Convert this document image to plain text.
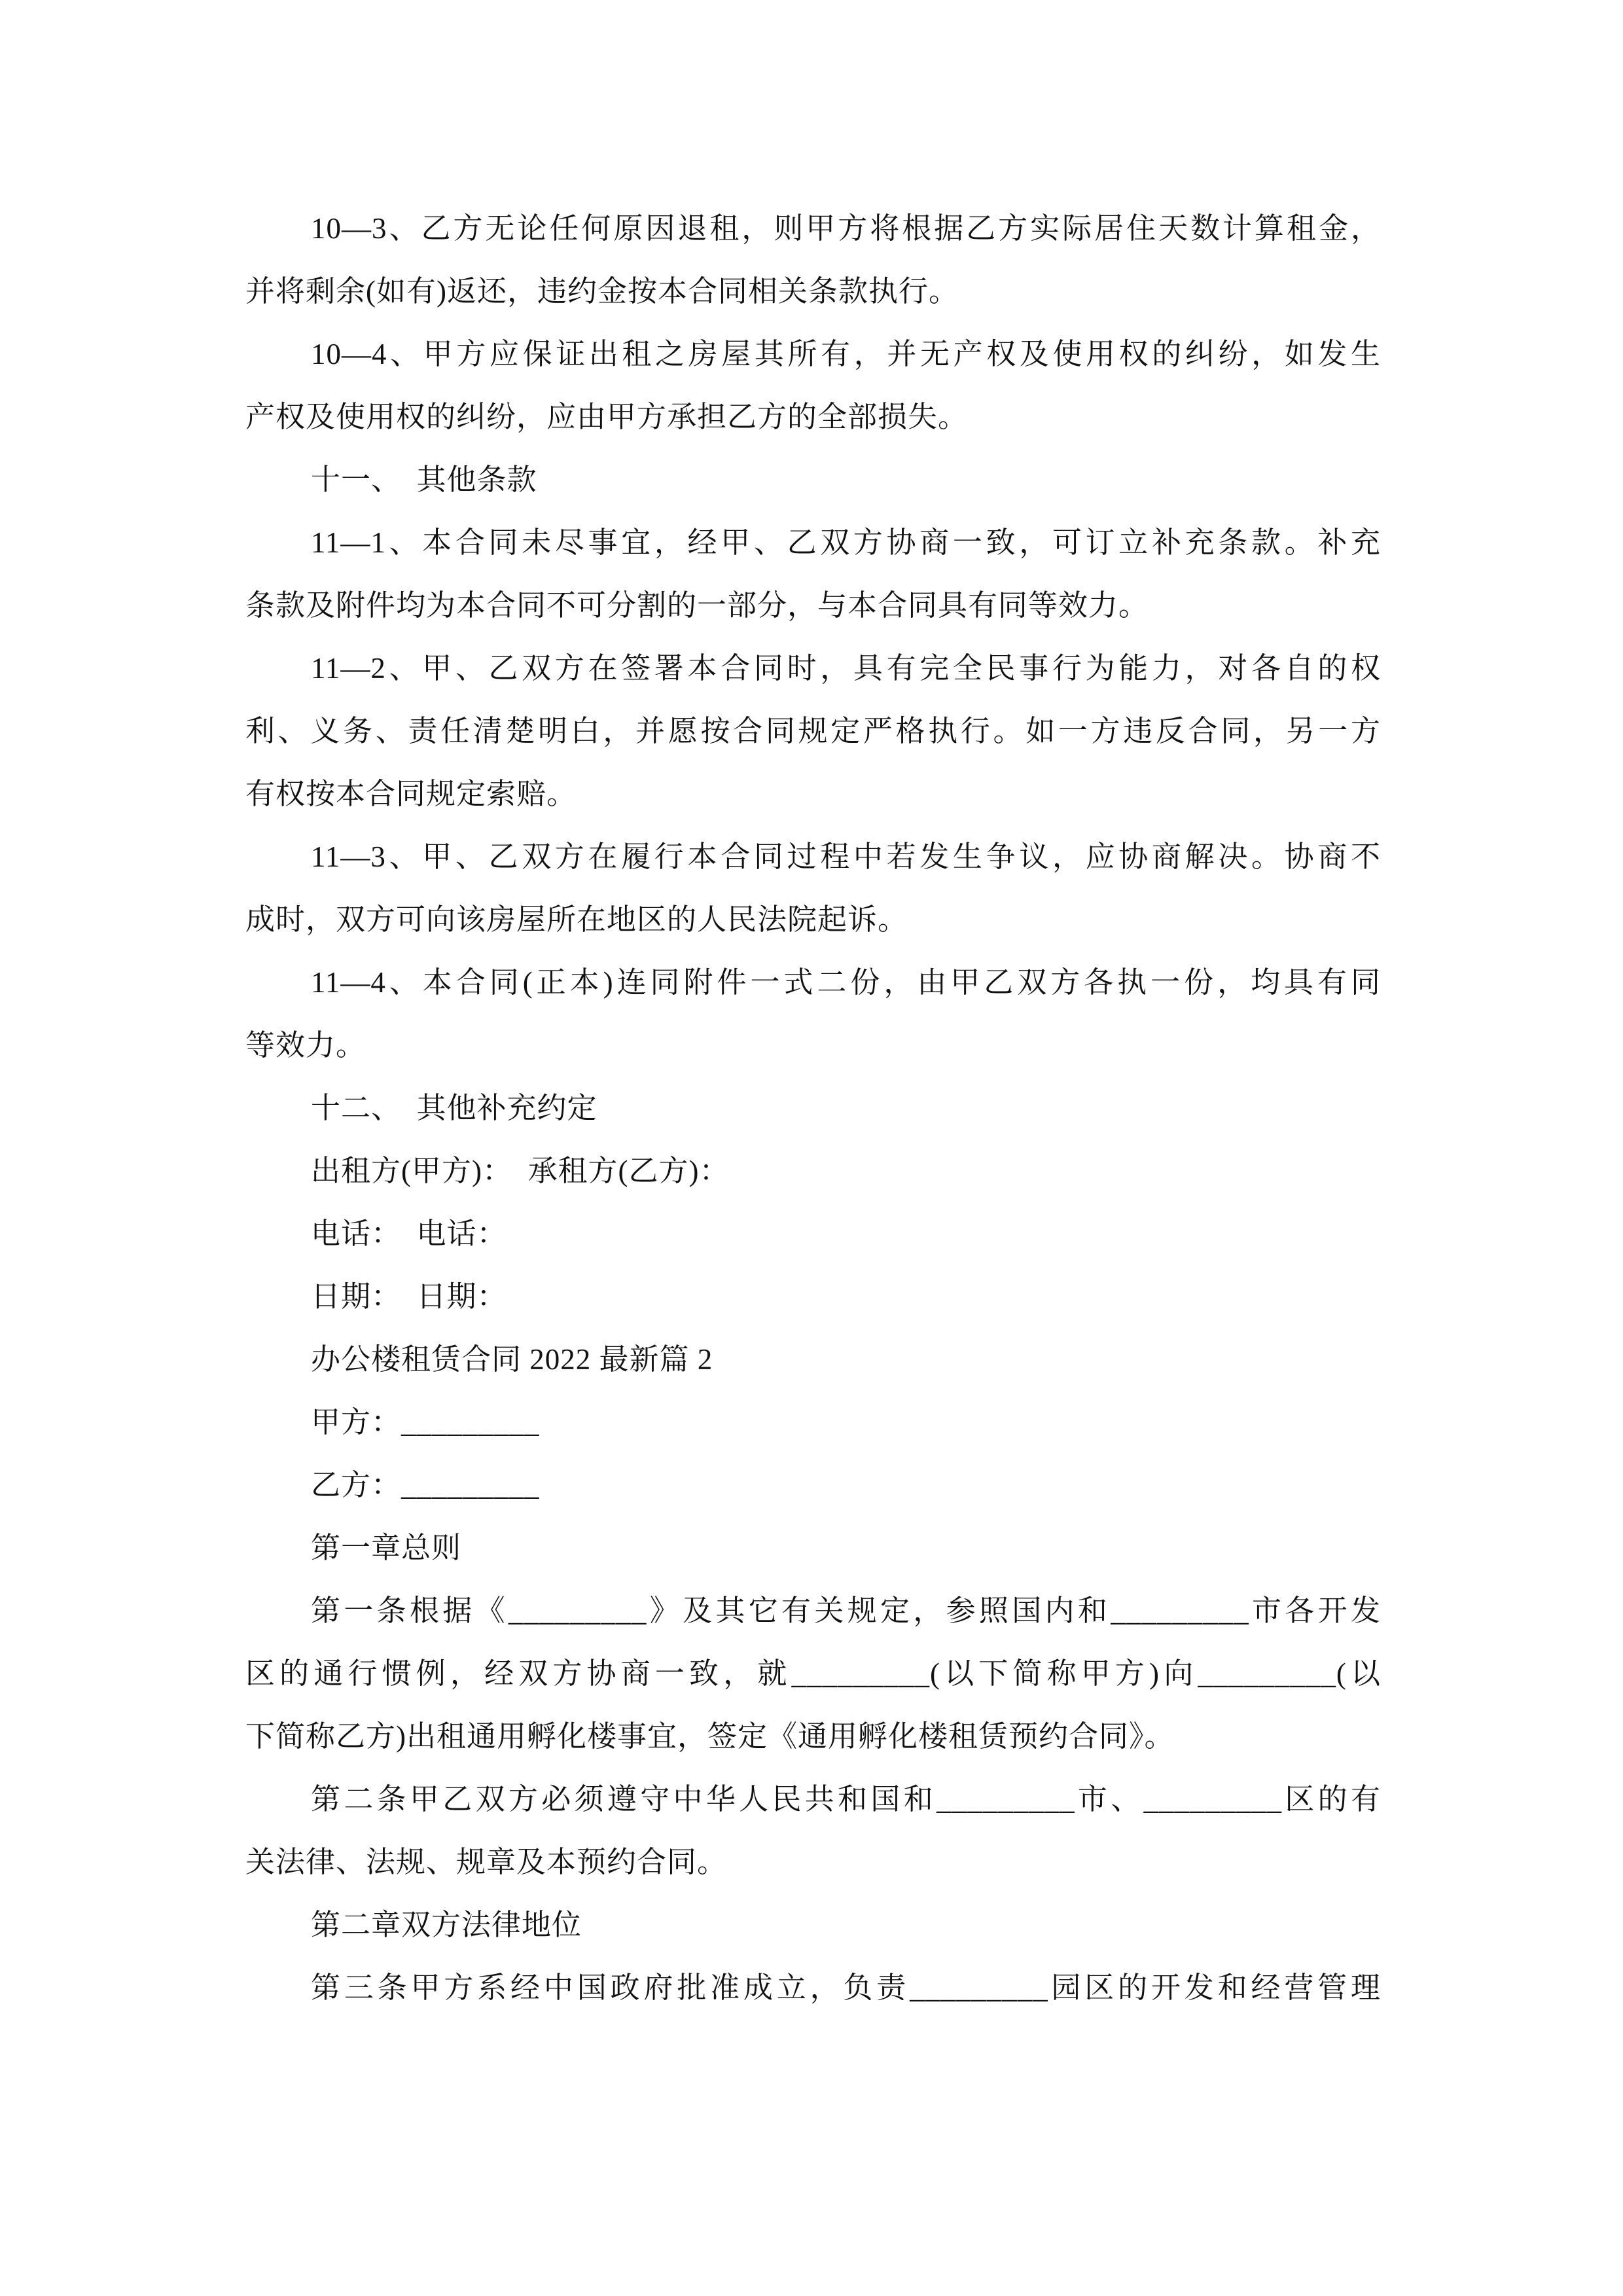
10—3、乙方无论任何原因退租，则甲方将根据乙方实际居住天数计算租金，
并将剩余(如有)返还，违约金按本合同相关条款执行。
10—4、甲方应保证出租之房屋其所有，并无产权及使用权的纠纷，如发生
产权及使用权的纠纷，应由甲方承担乙方的全部损失。
十一、　其他条款
11—1、本合同未尽事宜，经甲、乙双方协商一致，可订立补充条款。补充
条款及附件均为本合同不可分割的一部分，与本合同具有同等效力。
11—2、甲、乙双方在签署本合同时，具有完全民事行为能力，对各自的权
利、义务、责任清楚明白，并愿按合同规定严格执行。如一方违反合同，另一方
有权按本合同规定索赔。
11—3、甲、乙双方在履行本合同过程中若发生争议，应协商解决。协商不
成时，双方可向该房屋所在地区的人民法院起诉。
11—4、本合同(正本)连同附件一式二份，由甲乙双方各执一份，均具有同
等效力。
十二、　其他补充约定
出租方(甲方)：　承租方(乙方)：
电话：　电话：
日期：　日期：
办公楼租赁合同 2022 最新篇 2
甲方：_________
乙方：_________
第一章总则
第一条根据《_________》及其它有关规定，参照国内和_________市各开发
区的通行惯例，经双方协商一致，就_________(以下简称甲方)向_________(以
下简称乙方)出租通用孵化楼事宜，签定《通用孵化楼租赁预约合同》。
第二条甲乙双方必须遵守中华人民共和国和_________市、_________区的有
关法律、法规、规章及本预约合同。
第二章双方法律地位
第三条甲方系经中国政府批准成立，负责_________园区的开发和经营管理
